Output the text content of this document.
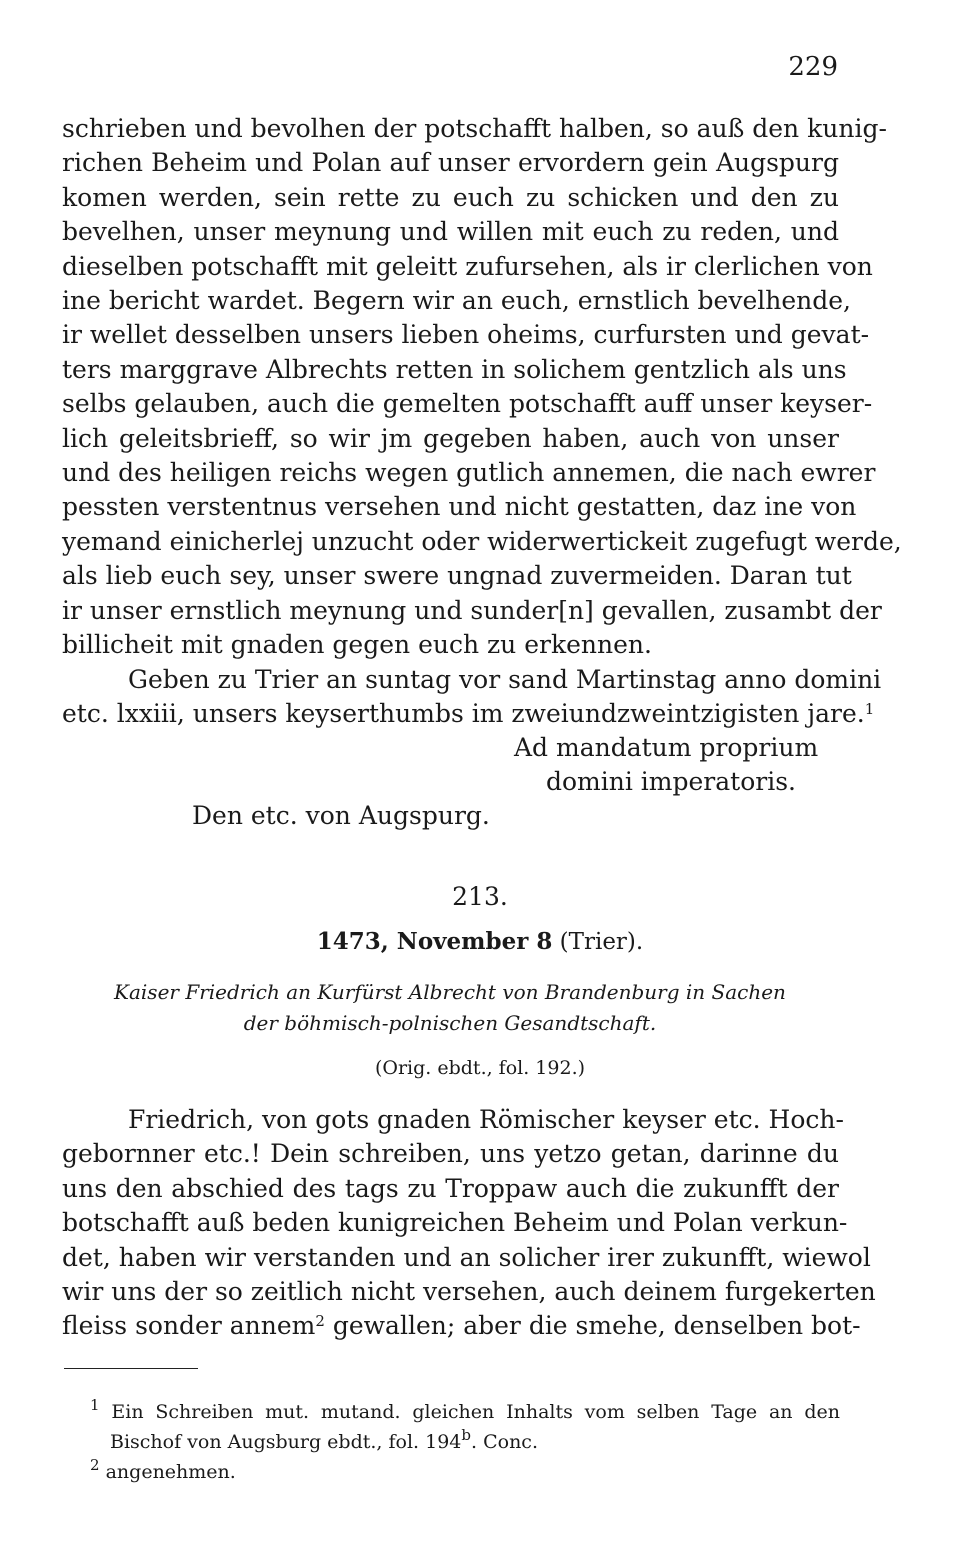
229
schrieben und bevolhen der potschafft halben, so auß den kunig-
richen Beheim und Polan auf unser ervordern gein Augspurg
komen werden, sein rette zu euch zu schicken und den zu
bevelhen, unser meynung und willen mit euch zu reden, und
dieselben potschafft mit geleitt zufursehen, als ir clerlichen von
ine bericht wardet. Begern wir an euch, ernstlich bevelhende,
ir wellet desselben unsers lieben oheims, curfursten und gevat-
ters marggrave Albrechts retten in solichem gentzlich als uns
selbs gelauben, auch die gemelten potschafft auff unser keyser-
lich geleitsbrieff, so wir jm gegeben haben, auch von unser
und des heiligen reichs wegen gutlich annemen, die nach ewrer
pessten verstentnus versehen und nicht gestatten, daz ine von
yemand einicherlej unzucht oder widerwertickeit zugefugt werde,
als lieb euch sey, unser swere ungnad zuvermeiden. Daran tut
ir unser ernstlich meynung und sunder[n] gevallen, zusambt der
billicheit mit gnaden gegen euch zu erkennen.
Geben zu Trier an suntag vor sand Martinstag anno domini
etc. lxxiii, unsers keyserthumbs im zweiundzweintzigisten jare.$^1$
Ad mandatum proprium
domini imperatoris.
Den etc. von Augspurg.
213.
1473, November 8 (Trier).
Kaiser Friedrich an Kurfürst Albrecht von Brandenburg in Sachen
der böhmisch-polnischen Gesandtschaft.
(Orig. ebdt., fol. 192.)
Friedrich, von gots gnaden Römischer keyser etc. Hoch-
gebornner etc.! Dein schreiben, uns yetzo getan, darinne du
uns den abschied des tags zu Troppaw auch die zukunfft der
botschafft auß beden kunigreichen Beheim und Polan verkun-
det, haben wir verstanden und an solicher irer zukunfft, wiewol
wir uns der so zeitlich nicht versehen, auch deinem furgekerten
fleiss sonder annem$^2$ gewallen; aber die smehe, denselben bot-
$^1$ Ein Schreiben mut. mutand. gleichen Inhalts vom selben Tage an den
Bischof von Augsburg ebdt., fol. 194$^b$. Conc.
$^2$ angenehmen.
